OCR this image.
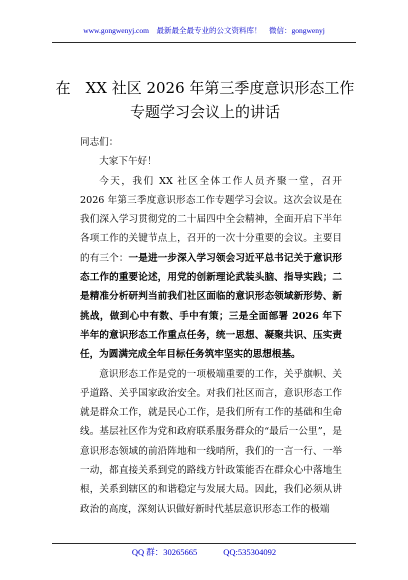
www.gongwenyj.com 最新最全最专业的公文资料库！ 微信：gongwenyj
在　XX 社区 2026 年第三季度意识形态工作
专题学习会议上的讲话

同志们：

大家下午好！

今天，我们 XX 社区全体工作人员齐聚一堂，召开　2026 年第三季度意识形态工作专题学习会议。这次会议是在我们深入学习贯彻党的二十届四中全会精神，全面开启下半年各项工作的关键节点上，召开的一次十分重要的会议。主要目的有三个：一是进一步深入学习领会习近平总书记关于意识形态工作的重要论述，用党的创新理论武装头脑、指导实践；二是精准分析研判当前我们社区面临的意识形态领域新形势、新挑战，做到心中有数、手中有策；三是全面部署 2026 年下半年的意识形态工作重点任务，统一思想、凝聚共识、压实责任，为圆满完成全年目标任务筑牢坚实的思想根基。

意识形态工作是党的一项极端重要的工作，关乎旗帜、关乎道路、关乎国家政治安全。对我们社区而言，意识形态工作就是群众工作，就是民心工作，是我们所有工作的基础和生命线。基层社区作为党和政府联系服务群众的“最后一公里”，是意识形态领域的前沿阵地和一线哨所，我们的一言一行、一举一动，都直接关系到党的路线方针政策能否在群众心中落地生根，关系到辖区的和谐稳定与发展大局。因此，我们必须从讲政治的高度，深刻认识做好新时代基层意识形态工作的极端

QQ 群：30265665	QQ:535304092
